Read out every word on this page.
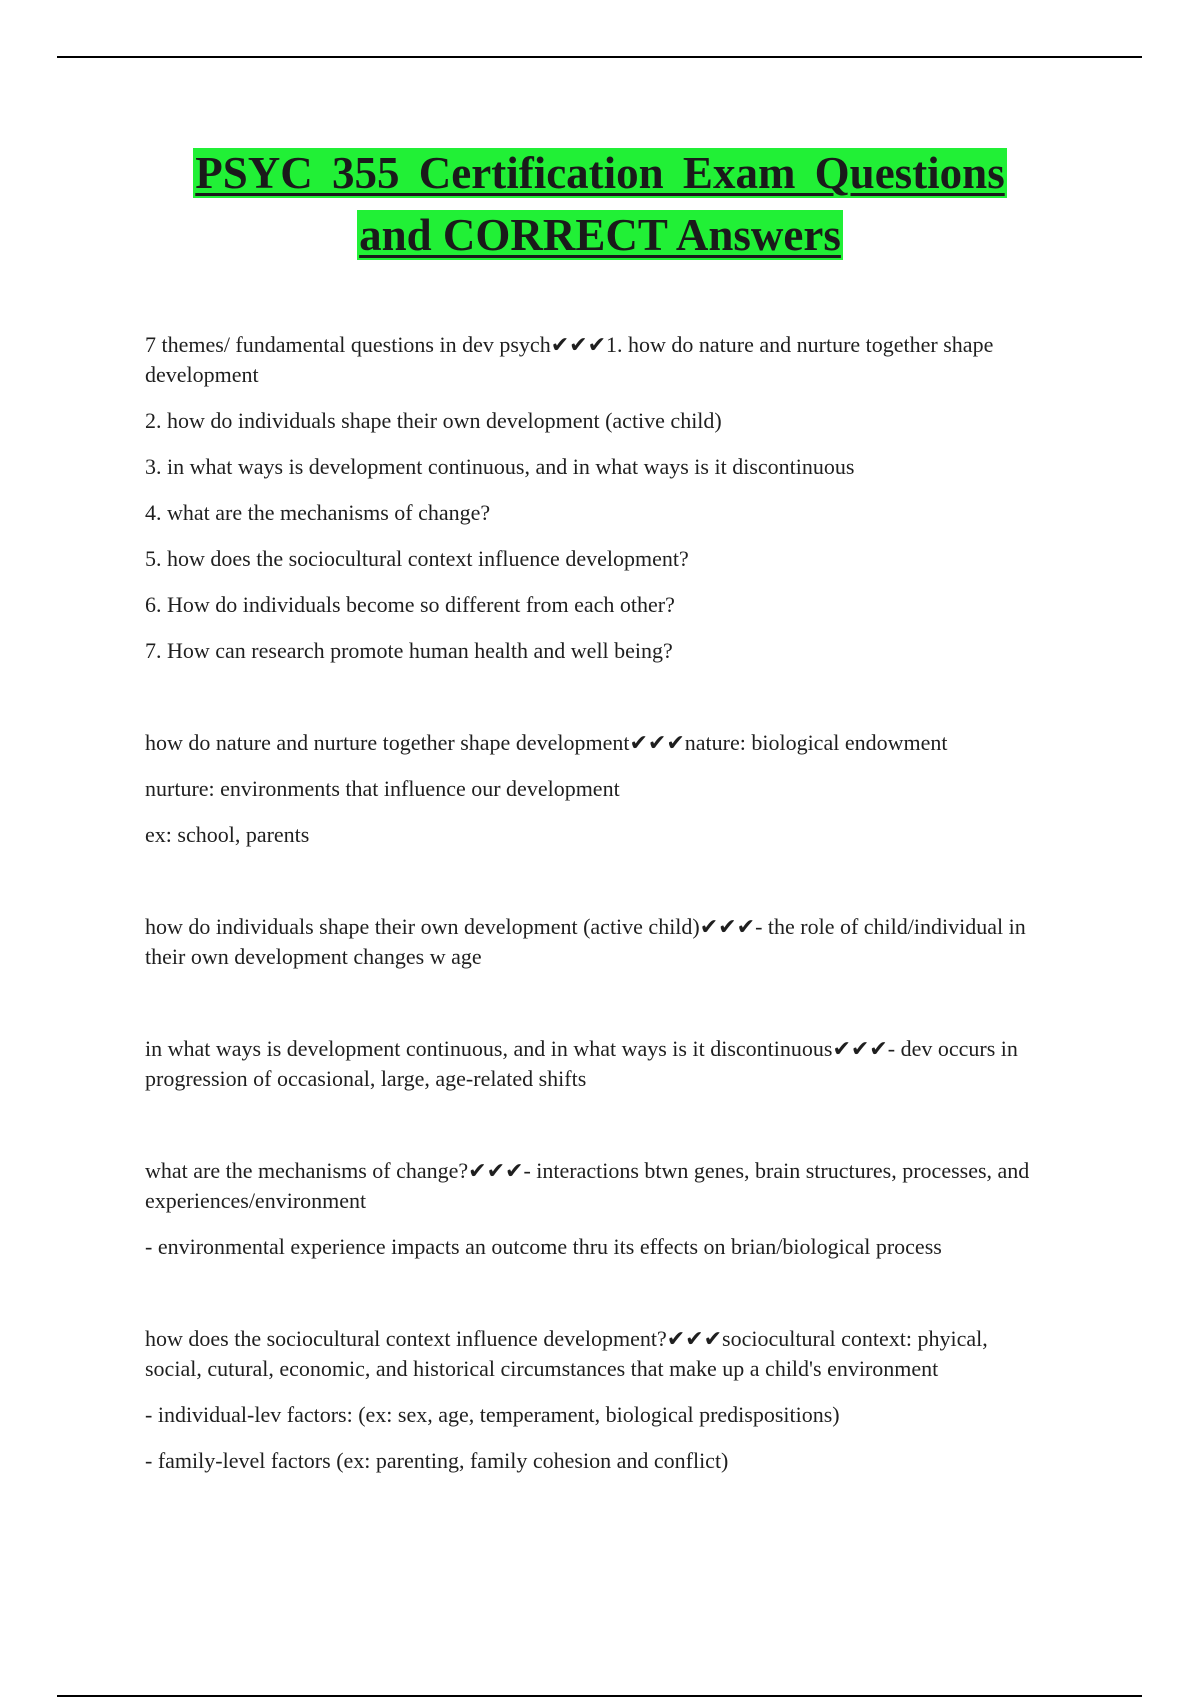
PSYC 355 Certification Exam Questions
and CORRECT Answers

7 themes/ fundamental questions in dev psych✔✔✔1. how do nature and nurture together shape development

2. how do individuals shape their own development (active child)

3. in what ways is development continuous, and in what ways is it discontinuous

4. what are the mechanisms of change?

5. how does the sociocultural context influence development?

6. How do individuals become so different from each other?

7. How can research promote human health and well being?

how do nature and nurture together shape development✔✔✔nature: biological endowment

nurture: environments that influence our development

ex: school, parents

how do individuals shape their own development (active child)✔✔✔- the role of child/individual in their own development changes w age

in what ways is development continuous, and in what ways is it discontinuous✔✔✔- dev occurs in progression of occasional, large, age-related shifts

what are the mechanisms of change?✔✔✔- interactions btwn genes, brain structures, processes, and experiences/environment

- environmental experience impacts an outcome thru its effects on brian/biological process

how does the sociocultural context influence development?✔✔✔sociocultural context: phyical, social, cutural, economic, and historical circumstances that make up a child's environment

- individual-lev factors: (ex: sex, age, temperament, biological predispositions)

- family-level factors (ex: parenting, family cohesion and conflict)
